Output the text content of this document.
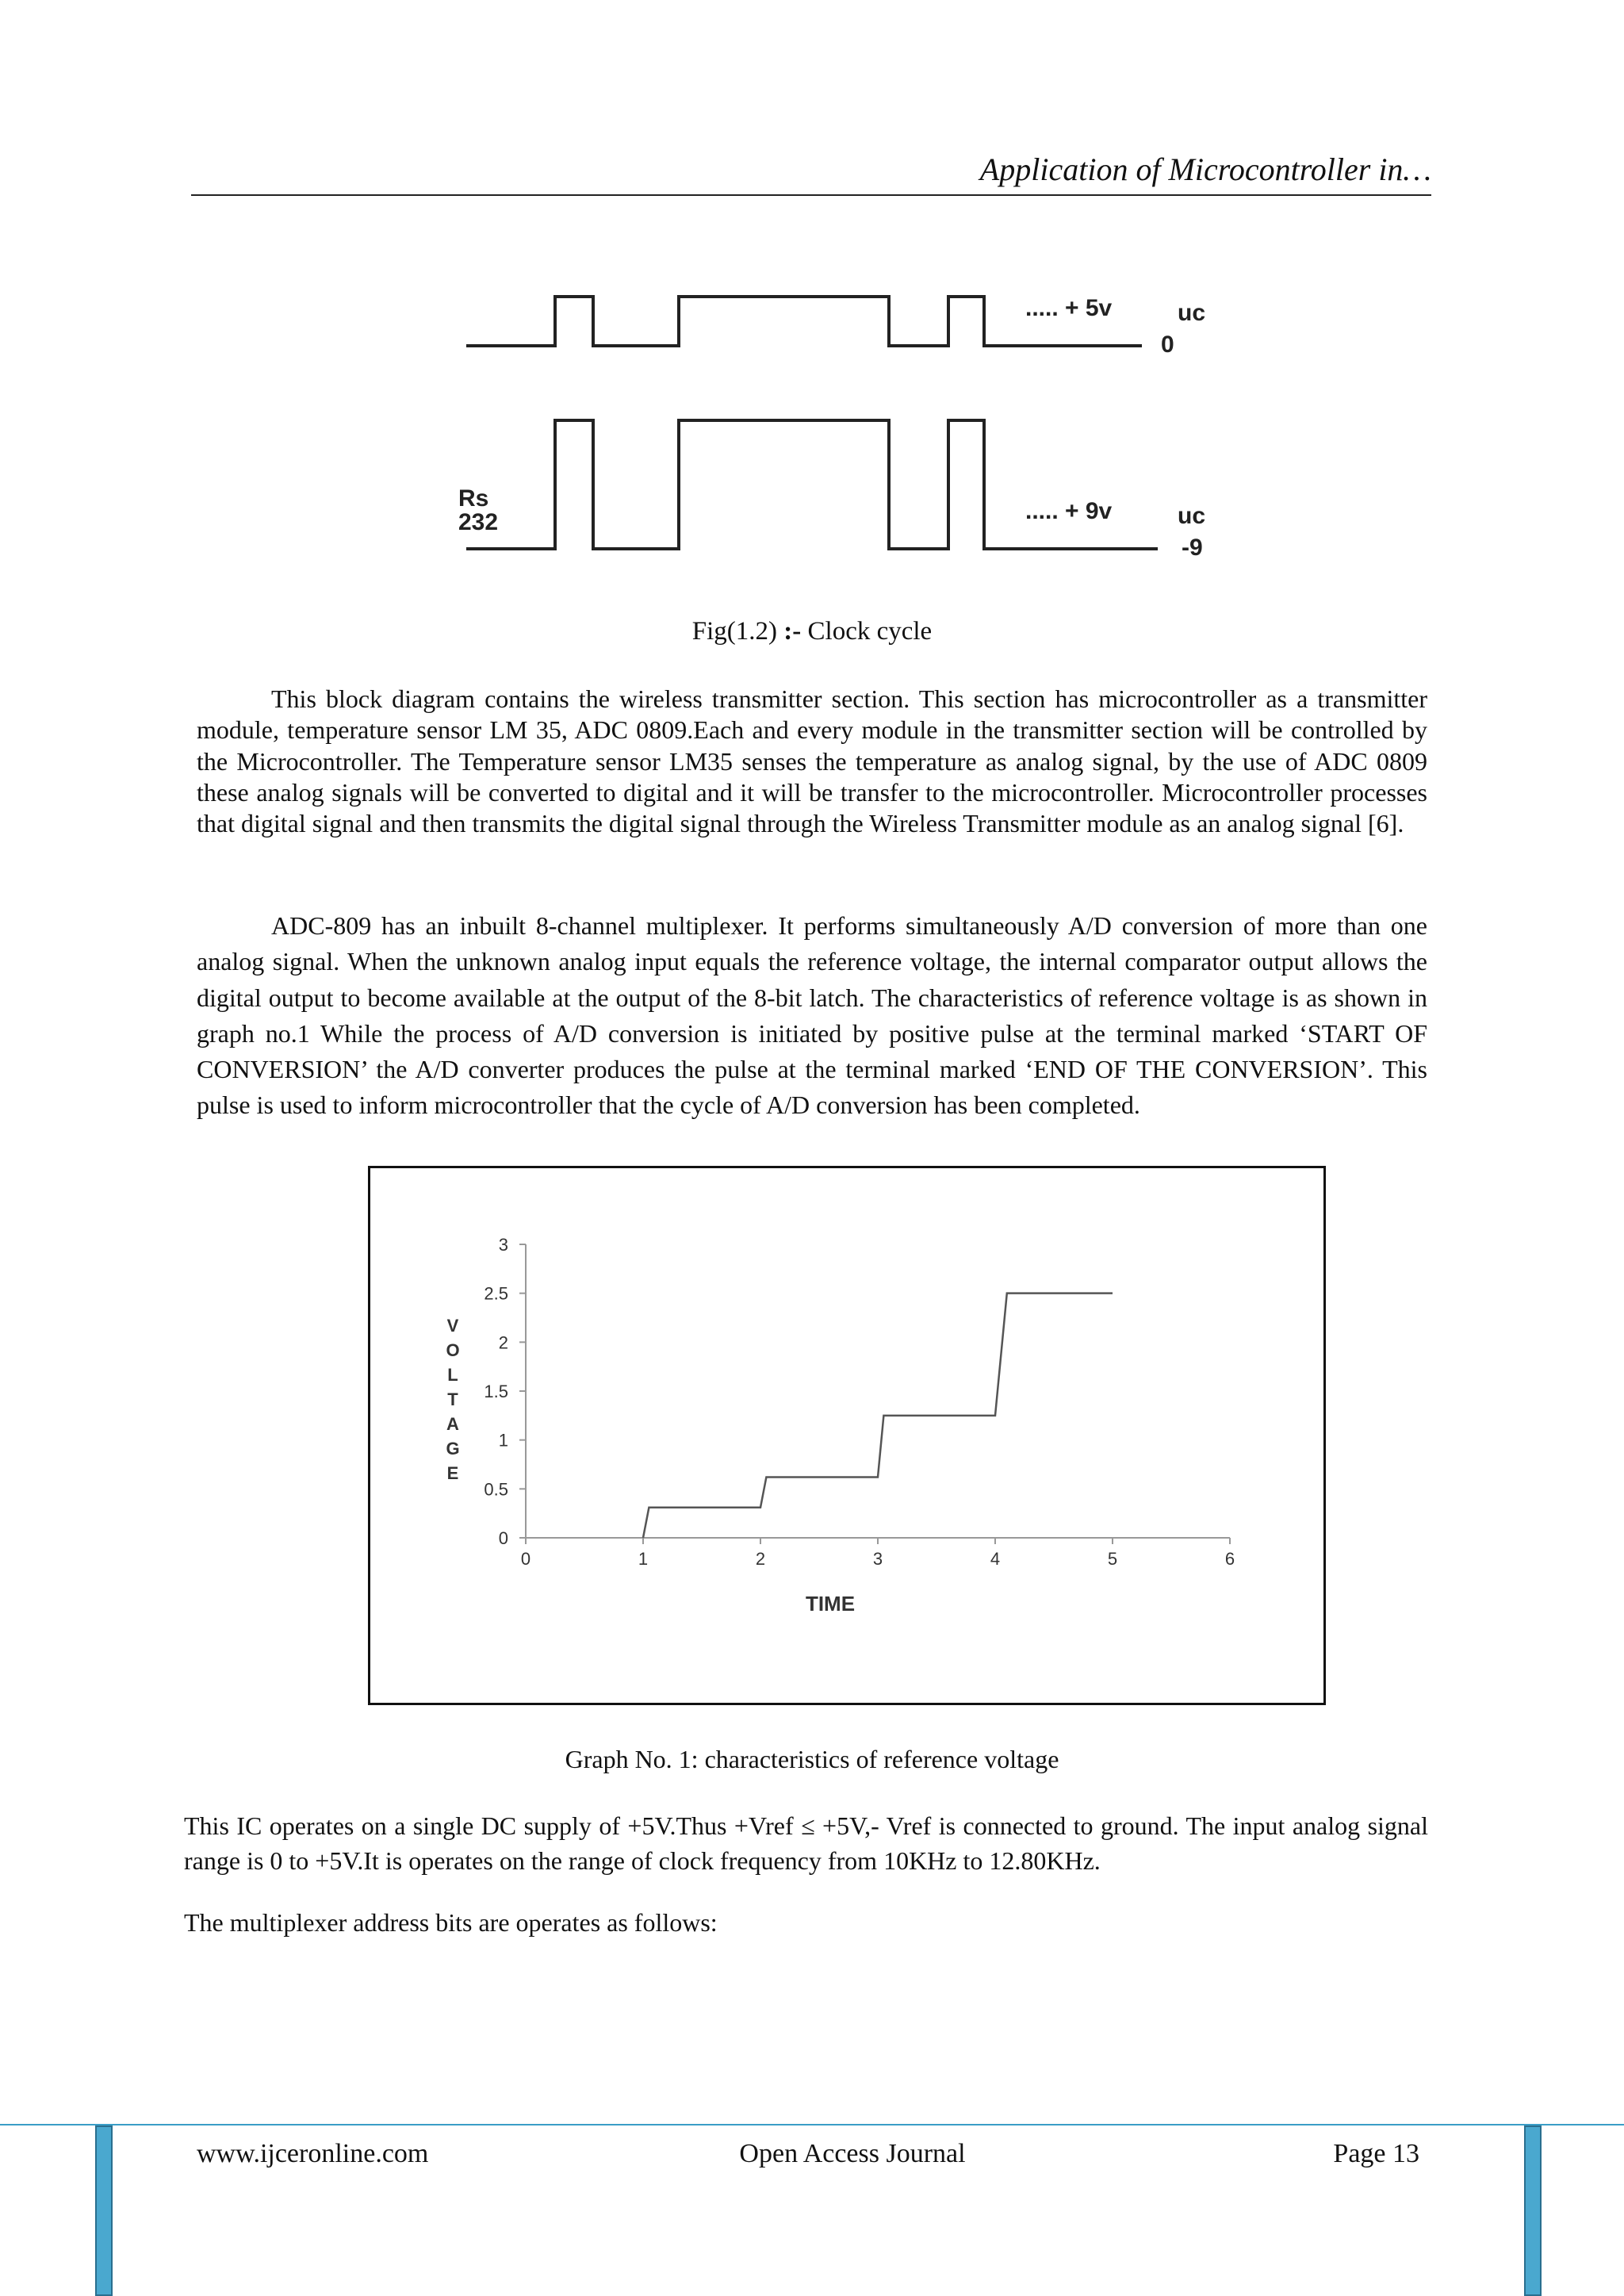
Application of Microcontroller in…
..... + 5v	uc
0
Rs
232	..... + 9v	uc
-9
Fig(1.2) :- Clock cycle
This block diagram contains the wireless transmitter section. This section has microcontroller as a transmitter module, temperature sensor LM 35, ADC 0809.Each and every module in the transmitter section will be controlled by the Microcontroller. The Temperature sensor LM35 senses the temperature as analog signal, by the use of ADC 0809 these analog signals will be converted to digital and it will be transfer to the microcontroller. Microcontroller processes that digital signal and then transmits the digital signal through the Wireless Transmitter module as an analog signal [6].
ADC-809 has an inbuilt 8-channel multiplexer. It performs simultaneously A/D conversion of more than one analog signal. When the unknown analog input equals the reference voltage, the internal comparator output allows the digital output to become available at the output of the 8-bit latch. The characteristics of reference voltage is as shown in graph no.1 While the process of A/D conversion is initiated by positive pulse at the terminal marked ‘START OF CONVERSION’ the A/D converter produces the pulse at the terminal marked ‘END OF THE CONVERSION’. This pulse is used to inform microcontroller that the cycle of A/D conversion has been completed.
0	1	2	3	4	5	6
0
0.5
1
1.5
2
2.5
3
V
O
L
T
A
G
E
TIME
Graph No. 1: characteristics of reference voltage
This IC operates on a single DC supply of +5V.Thus +Vref ≤ +5V,- Vref is connected to ground. The input analog signal range is 0 to +5V.It is operates on the range of clock frequency from 10KHz to 12.80KHz.
The multiplexer address bits are operates as follows:
www.ijceronline.com	Open Access Journal	Page 13
